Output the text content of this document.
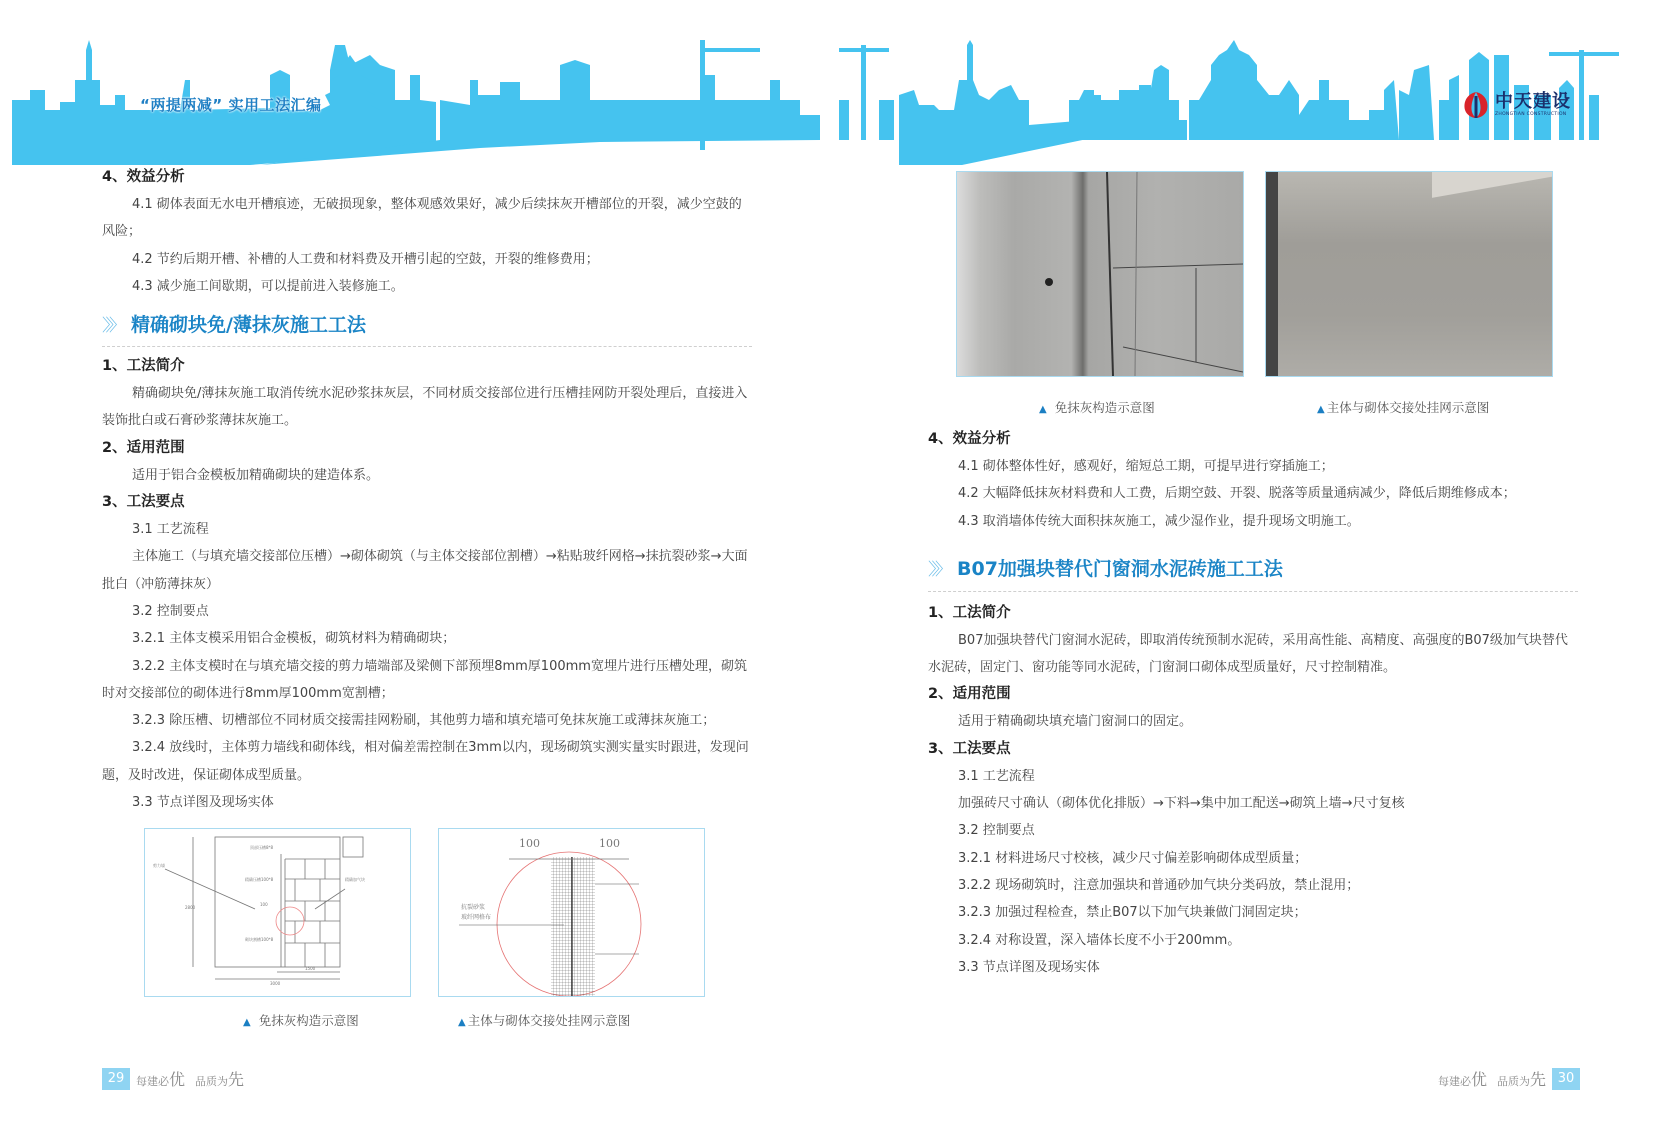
“两提两减” 实用工法汇编

4、效益分析

4.1 砌体表面无水电开槽痕迹，无破损现象，整体观感效果好，减少后续抹灰开槽部位的开裂，减少空鼓的风险；

4.2 节约后期开槽、补槽的人工费和材料费及开槽引起的空鼓，开裂的维修费用；

4.3 减少施工间歇期，可以提前进入装修施工。

〉〉〉 精确砌块免/薄抹灰施工工法

1、工法简介

精确砌块免/薄抹灰施工取消传统水泥砂浆抹灰层，不同材质交接部位进行压槽挂网防开裂处理后，直接进入装饰批白或石膏砂浆薄抹灰施工。

2、适用范围

适用于铝合金模板加精确砌块的建造体系。

3、工法要点

3.1 工艺流程

主体施工（与填充墙交接部位压槽）→砌体砌筑（与主体交接部位割槽）→粘贴玻纤网格→抹抗裂砂浆→大面批白（冲筋薄抹灰）

3.2 控制要点

3.2.1 主体支模采用铝合金模板，砌筑材料为精确砌块；

3.2.2 主体支模时在与填充墙交接的剪力墙端部及梁侧下部预埋8mm厚100mm宽埋片进行压槽处理，砌筑时对交接部位的砌体进行8mm厚100mm宽割槽；

3.2.3 除压槽、切槽部位不同材质交接需挂网粉刷，其他剪力墙和填充墙可免抹灰施工或薄抹灰施工；

3.2.4 放线时，主体剪力墙线和砌体线，相对偏差需控制在3mm以内，现场砌筑实测实量实时跟进，发现问题，及时改进，保证砌体成型质量。

3.3 节点详图及现场实体

剪力墙
顶部压槽8*8
精确压槽100*8
100
精确加气块
砌块割槽100*8
2800
1500
3000
100	100
抗裂砂浆
玻纤网格布
▲ 免抹灰构造示意图	▲ 主体与砌体交接处挂网示意图
29	每建必 优 品质为 先
中天建设
ZHONGTIAN CONSTRUCTION
▲ 免抹灰构造示意图	▲ 主体与砌体交接处挂网示意图

4、效益分析

4.1 砌体整体性好，感观好，缩短总工期，可提早进行穿插施工；

4.2 大幅降低抹灰材料费和人工费，后期空鼓、开裂、脱落等质量通病减少，降低后期维修成本；

4.3 取消墙体传统大面积抹灰施工，减少湿作业，提升现场文明施工。

〉〉〉 B07加强块替代门窗洞水泥砖施工工法

1、工法简介

B07加强块替代门窗洞水泥砖，即取消传统预制水泥砖，采用高性能、高精度、高强度的B07级加气块替代水泥砖，固定门、窗功能等同水泥砖，门窗洞口砌体成型质量好，尺寸控制精准。

2、适用范围

适用于精确砌块填充墙门窗洞口的固定。

3、工法要点

3.1 工艺流程

加强砖尺寸确认（砌体优化排版）→下料→集中加工配送→砌筑上墙→尺寸复核

3.2 控制要点

3.2.1 材料进场尺寸校核，减少尺寸偏差影响砌体成型质量；

3.2.2 现场砌筑时，注意加强块和普通砂加气块分类码放，禁止混用；

3.2.3 加强过程检查，禁止B07以下加气块兼做门洞固定块；

3.2.4 对称设置，深入墙体长度不小于200mm。

3.3 节点详图及现场实体

每建必 优 品质为 先 30
